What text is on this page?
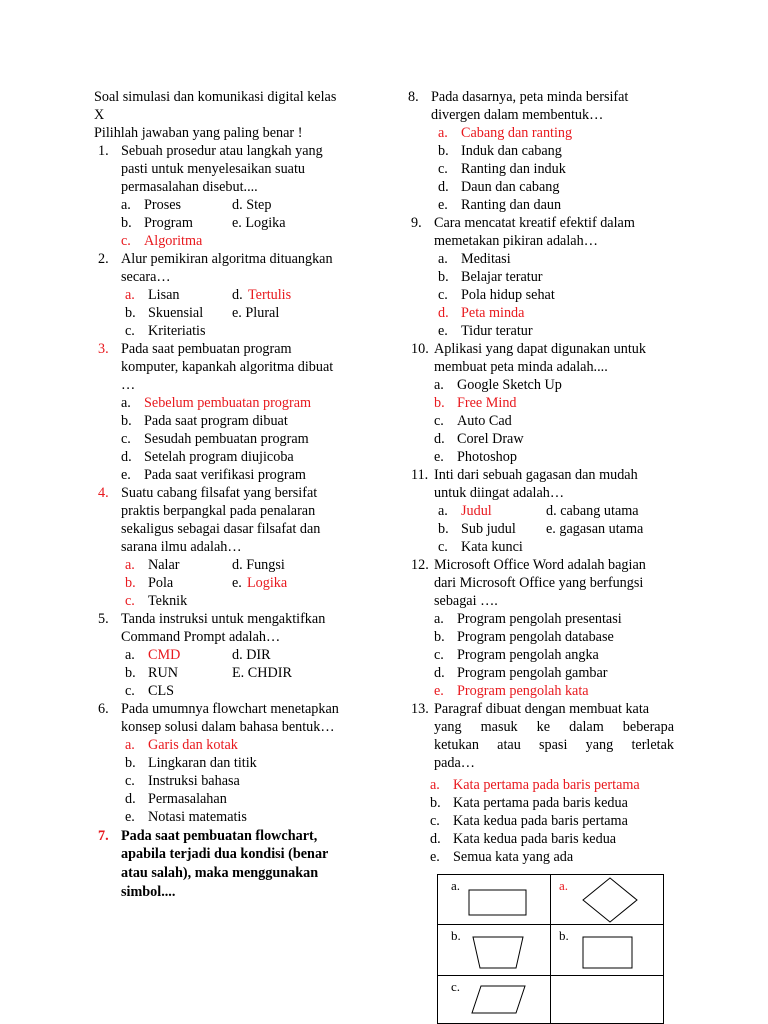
Soal simulasi dan komunikasi digital kelas
X
Pilihlah jawaban yang paling benar !
1. Sebuah prosedur atau langkah yang
pasti untuk menyelesaikan suatu
permasalahan disebut....
a. Proses	d. Step
b. Program	e. Logika
c. Algoritma
2. Alur pemikiran algoritma dituangkan
secara…
a. Lisan	d. Tertulis
b. Skuensial e. Plural
c. Kriteriatis
3. Pada saat pembuatan program
komputer, kapankah algoritma dibuat
…
a. Sebelum pembuatan program
b. Pada saat program dibuat
c. Sesudah pembuatan program
d. Setelah program diujicoba
e. Pada saat verifikasi program
4. Suatu cabang filsafat yang bersifat
praktis berpangkal pada penalaran
sekaligus sebagai dasar filsafat dan
sarana ilmu adalah…
a. Nalar	d. Fungsi
b. Pola	e. Logika
c. Teknik
5. Tanda instruksi untuk mengaktifkan
Command Prompt adalah…
a. CMD	d. DIR
b. RUN	E. CHDIR
c. CLS
6. Pada umumnya flowchart menetapkan
konsep solusi dalam bahasa bentuk…
a. Garis dan kotak
b. Lingkaran dan titik
c. Instruksi bahasa
d. Permasalahan
e. Notasi matematis
7. Pada saat pembuatan flowchart,
apabila terjadi dua kondisi (benar
atau salah), maka menggunakan
simbol....
8. Pada dasarnya, peta minda bersifat
divergen dalam membentuk…
a. Cabang dan ranting
b. Induk dan cabang
c. Ranting dan induk
d. Daun dan cabang
e. Ranting dan daun
9. Cara mencatat kreatif efektif dalam
memetakan pikiran adalah…
a. Meditasi
b. Belajar teratur
c. Pola hidup sehat
d. Peta minda
e. Tidur teratur
10. Aplikasi yang dapat digunakan untuk
membuat peta minda adalah....
a. Google Sketch Up
b. Free Mind
c. Auto Cad
d. Corel Draw
e. Photoshop
11. Inti dari sebuah gagasan dan mudah
untuk diingat adalah…
a. Judul	d. cabang utama
b. Sub judul e. gagasan utama
c. Kata kunci
12. Microsoft Office Word adalah bagian
dari Microsoft Office yang berfungsi
sebagai ….
a. Program pengolah presentasi
b. Program pengolah database
c. Program pengolah angka
d. Program pengolah gambar
e. Program pengolah kata
13. Paragraf dibuat dengan membuat kata
yang masuk ke dalam beberapa
ketukan atau spasi yang terletak
pada…
a. Kata pertama pada baris pertama
b. Kata pertama pada baris kedua
c. Kata kedua pada baris pertama
d. Kata kedua pada baris kedua
e. Semua kata yang ada
a.	a.

b.	b.

c.	
